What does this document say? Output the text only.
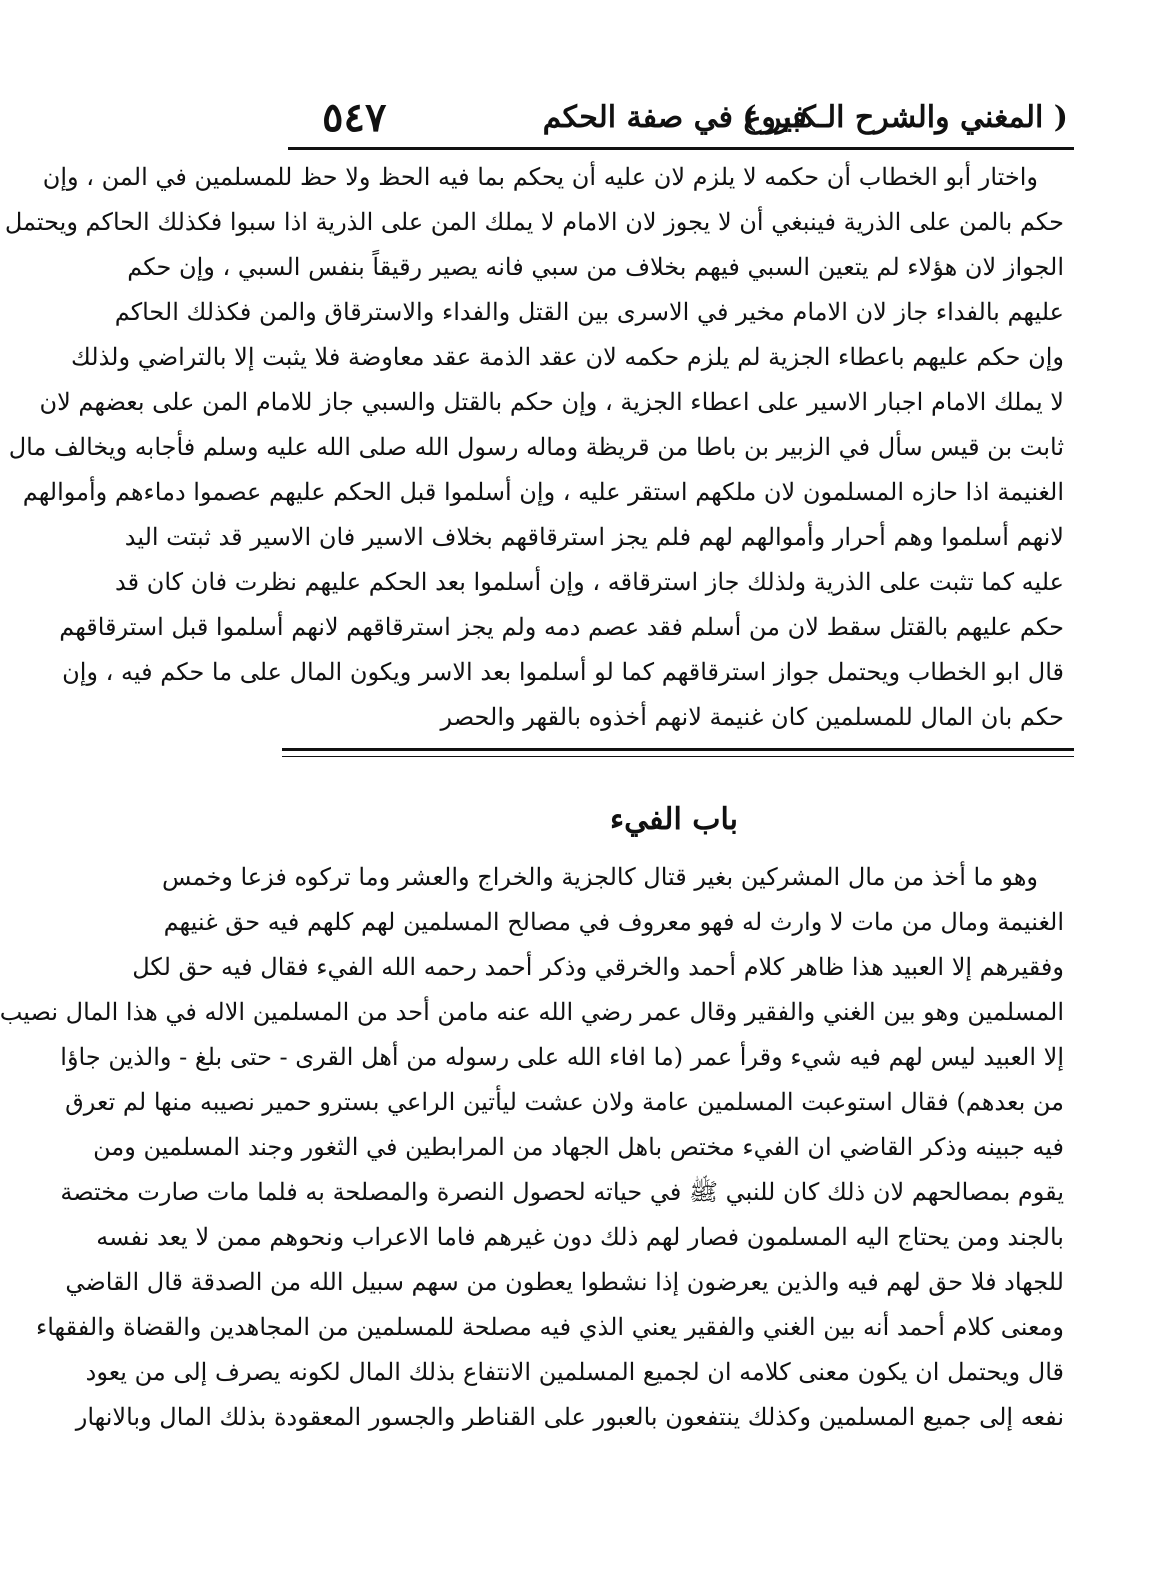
( المغني والشرح الـكبير )
فروع في صفة الحكم
٥٤٧
واختار أبو الخطاب أن حكمه لا يلزم لان عليه أن يحكم بما فيه الحظ ولا حظ للمسلمين في المن ، وإن
حكم بالمن على الذرية فينبغي أن لا يجوز لان الامام لا يملك المن على الذرية اذا سبوا فكذلك الحاكم ويحتمل
الجواز لان هؤلاء لم يتعين السبي فيهم بخلاف من سبي فانه يصير رقيقاً بنفس السبي ، وإن حكم
عليهم بالفداء جاز لان الامام مخير في الاسرى بين القتل والفداء والاسترقاق والمن فكذلك الحاكم
وإن حكم عليهم باعطاء الجزية لم يلزم حكمه لان عقد الذمة عقد معاوضة فلا يثبت إلا بالتراضي ولذلك
لا يملك الامام اجبار الاسير على اعطاء الجزية ، وإن حكم بالقتل والسبي جاز للامام المن على بعضهم لان
ثابت بن قيس سأل في الزبير بن باطا من قريظة وماله رسول الله صلى الله عليه وسلم فأجابه ويخالف مال
الغنيمة اذا حازه المسلمون لان ملكهم استقر عليه ، وإن أسلموا قبل الحكم عليهم عصموا دماءهم وأموالهم
لانهم أسلموا وهم أحرار وأموالهم لهم فلم يجز استرقاقهم بخلاف الاسير فان الاسير قد ثبتت اليد
عليه كما تثبت على الذرية ولذلك جاز استرقاقه ، وإن أسلموا بعد الحكم عليهم نظرت فان كان قد
حكم عليهم بالقتل سقط لان من أسلم فقد عصم دمه ولم يجز استرقاقهم لانهم أسلموا قبل استرقاقهم
قال ابو الخطاب ويحتمل جواز استرقاقهم كما لو أسلموا بعد الاسر ويكون المال على ما حكم فيه ، وإن
حكم بان المال للمسلمين كان غنيمة لانهم أخذوه بالقهر والحصر
باب الفيء
وهو ما أخذ من مال المشركين بغير قتال كالجزية والخراج والعشر وما تركوه فزعا وخمس
الغنيمة ومال من مات لا وارث له فهو معروف في مصالح المسلمين لهم كلهم فيه حق غنيهم
وفقيرهم إلا العبيد هذا ظاهر كلام أحمد والخرقي وذكر أحمد رحمه الله الفيء فقال فيه حق لكل
المسلمين وهو بين الغني والفقير وقال عمر رضي الله عنه مامن أحد من المسلمين الاله في هذا المال نصيب
إلا العبيد ليس لهم فيه شيء وقرأ عمر (ما افاء الله على رسوله من أهل القرى - حتى بلغ - والذين جاؤا
من بعدهم) فقال استوعبت المسلمين عامة ولان عشت ليأتين الراعي بسترو حمير نصيبه منها لم تعرق
فيه جبينه وذكر القاضي ان الفيء مختص باهل الجهاد من المرابطين في الثغور وجند المسلمين ومن
يقوم بمصالحهم لان ذلك كان للنبي ﷺ في حياته لحصول النصرة والمصلحة به فلما مات صارت مختصة
بالجند ومن يحتاج اليه المسلمون فصار لهم ذلك دون غيرهم فاما الاعراب ونحوهم ممن لا يعد نفسه
للجهاد فلا حق لهم فيه والذين يعرضون إذا نشطوا يعطون من سهم سبيل الله من الصدقة قال القاضي
ومعنى كلام أحمد أنه بين الغني والفقير يعني الذي فيه مصلحة للمسلمين من المجاهدين والقضاة والفقهاء
قال ويحتمل ان يكون معنى كلامه ان لجميع المسلمين الانتفاع بذلك المال لكونه يصرف إلى من يعود
نفعه إلى جميع المسلمين وكذلك ينتفعون بالعبور على القناطر والجسور المعقودة بذلك المال وبالانهار
